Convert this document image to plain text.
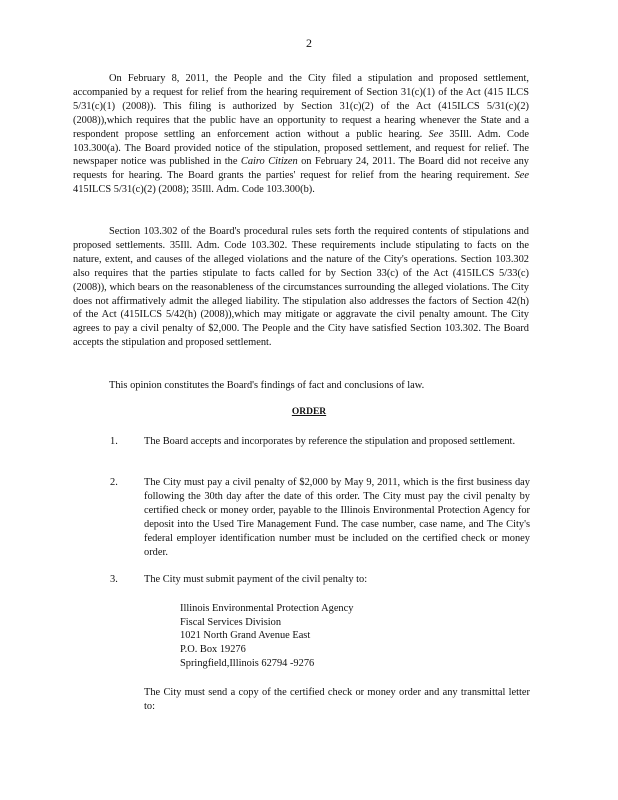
2

On February 8, 2011, the People and the City filed a stipulation and proposed settlement, accompanied by a request for relief from the hearing requirement of Section 31(c)(1) of the Act (415 ILCS 5/31(c)(1) (2008)). This filing is authorized by Section 31(c)(2) of the Act (415ILCS 5/31(c)(2) (2008)),which requires that the public have an opportunity to request a hearing whenever the State and a respondent propose settling an enforcement action without a public hearing. See 35Ill. Adm. Code 103.300(a). The Board provided notice of the stipulation, proposed settlement, and request for relief. The newspaper notice was published in the Cairo Citizen on February 24, 2011. The Board did not receive any requests for hearing. The Board grants the parties' request for relief from the hearing requirement. See 415ILCS 5/31(c)(2) (2008); 35Ill. Adm. Code 103.300(b).

Section 103.302 of the Board's procedural rules sets forth the required contents of stipulations and proposed settlements. 35Ill. Adm. Code 103.302. These requirements include stipulating to facts on the nature, extent, and causes of the alleged violations and the nature of the City's operations. Section 103.302 also requires that the parties stipulate to facts called for by Section 33(c) of the Act (415ILCS 5/33(c) (2008)), which bears on the reasonableness of the circumstances surrounding the alleged violations. The City does not affirmatively admit the alleged liability. The stipulation also addresses the factors of Section 42(h) of the Act (415ILCS 5/42(h) (2008)),which may mitigate or aggravate the civil penalty amount. The City agrees to pay a civil penalty of $2,000. The People and the City have satisfied Section 103.302. The Board accepts the stipulation and proposed settlement.

This opinion constitutes the Board's findings of fact and conclusions of law.

ORDER
1.	The Board accepts and incorporates by reference the stipulation and proposed settlement.
2.	The City must pay a civil penalty of $2,000 by May 9, 2011, which is the first business day following the 30th day after the date of this order. The City must pay the civil penalty by certified check or money order, payable to the Illinois Environmental Protection Agency for deposit into the Used Tire Management Fund. The case number, case name, and The City's federal employer identification number must be included on the certified check or money order.
3.	The City must submit payment of the civil penalty to:
Illinois Environmental Protection Agency
Fiscal Services Division
1021 North Grand Avenue East
P.O. Box 19276
Springfield,Illinois 62794 -9276
The City must send a copy of the certified check or money order and any transmittal letter to:
